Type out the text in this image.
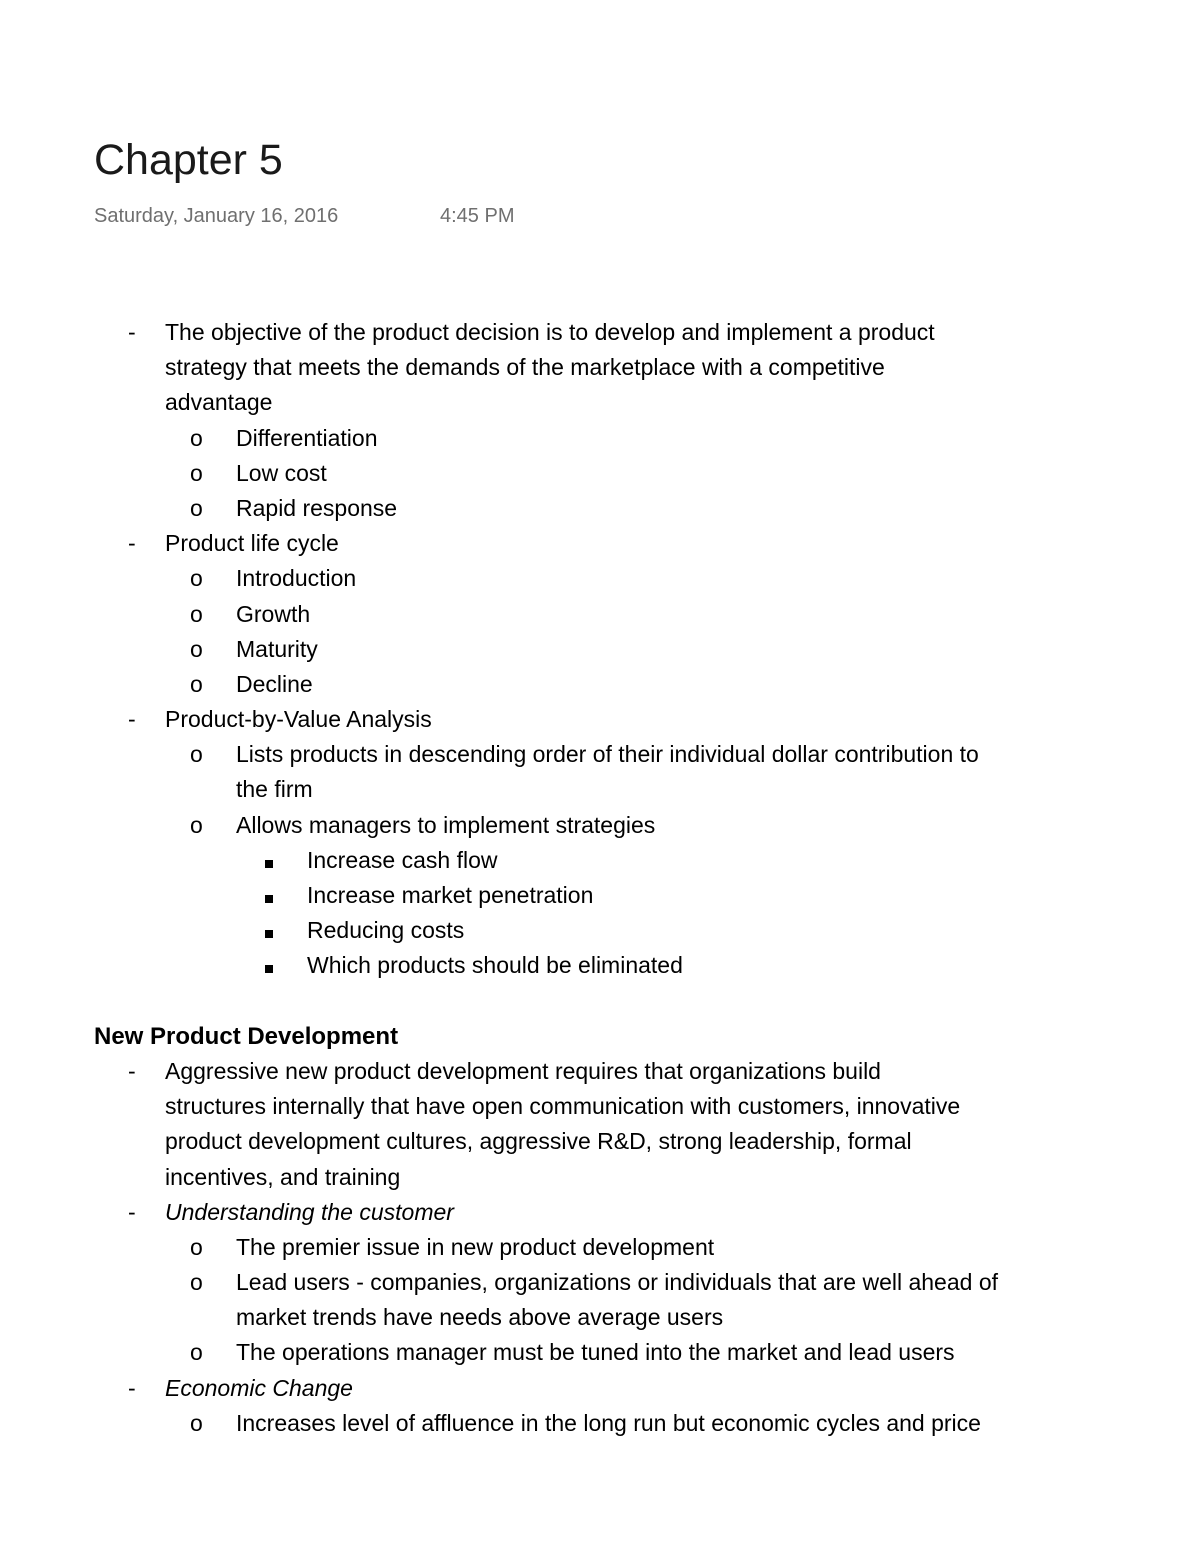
Chapter 5
Saturday, January 16, 2016	4:45 PM
- The objective of the product decision is to develop and implement a product
strategy that meets the demands of the marketplace with a competitive
advantage
o Differentiation
o Low cost
o Rapid response
- Product life cycle
o Introduction
o Growth
o Maturity
o Decline
- Product-by-Value Analysis
o Lists products in descending order of their individual dollar contribution to
the firm
o Allows managers to implement strategies
Increase cash flow
Increase market penetration
Reducing costs
Which products should be eliminated
New Product Development
- Aggressive new product development requires that organizations build
structures internally that have open communication with customers, innovative
product development cultures, aggressive R&D, strong leadership, formal
incentives, and training
- Understanding the customer
o The premier issue in new product development
o Lead users - companies, organizations or individuals that are well ahead of
market trends have needs above average users
o The operations manager must be tuned into the market and lead users
- Economic Change
o Increases level of affluence in the long run but economic cycles and price
